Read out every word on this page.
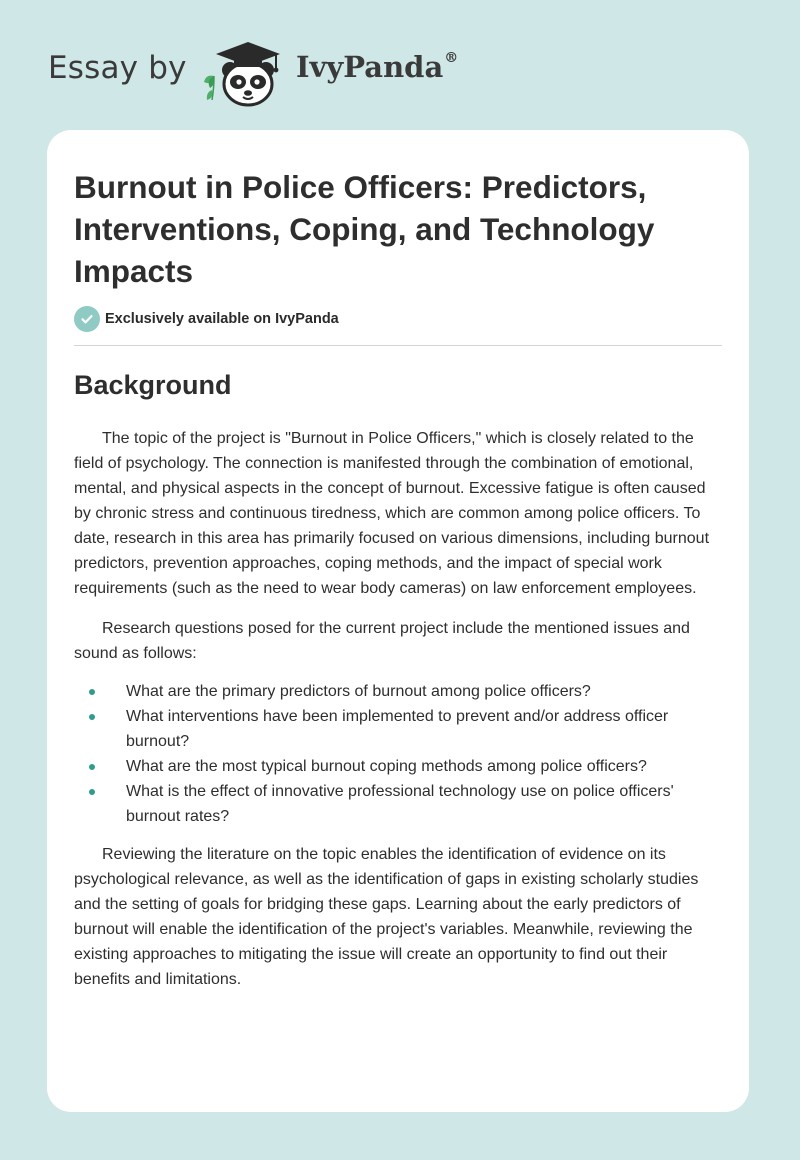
Essay by	IvyPanda®
Burnout in Police Officers: Predictors, Interventions, Coping, and Technology Impacts
Exclusively available on IvyPanda
Background

The topic of the project is "Burnout in Police Officers," which is closely related to the field of psychology. The connection is manifested through the combination of emotional, mental, and physical aspects in the concept of burnout. Excessive fatigue is often caused by chronic stress and continuous tiredness, which are common among police officers. To date, research in this area has primarily focused on various dimensions, including burnout predictors, prevention approaches, coping methods, and the impact of special work requirements (such as the need to wear body cameras) on law enforcement employees.

Research questions posed for the current project include the mentioned issues and sound as follows:

What are the primary predictors of burnout among police officers?
What interventions have been implemented to prevent and/or address officer burnout?
What are the most typical burnout coping methods among police officers?
What is the effect of innovative professional technology use on police officers' burnout rates?

Reviewing the literature on the topic enables the identification of evidence on its psychological relevance, as well as the identification of gaps in existing scholarly studies and the setting of goals for bridging these gaps. Learning about the early predictors of burnout will enable the identification of the project's variables. Meanwhile, reviewing the existing approaches to mitigating the issue will create an opportunity to find out their benefits and limitations.
